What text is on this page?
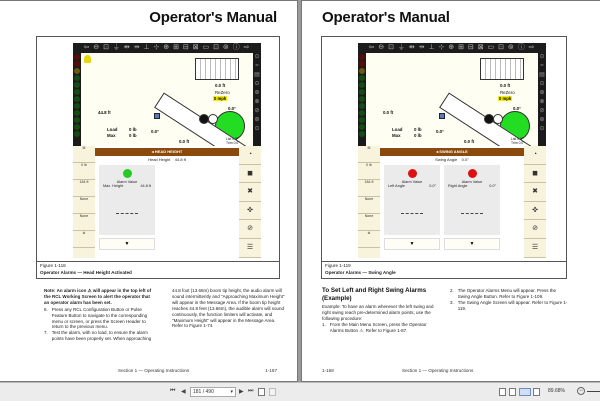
Operator's Manual
⇦ ⊖ ⊡ ⏚ ⇹ ⇸ ⊥ ⊹ ⊕ ⊞ ⊟ ⊠ ▭ ⊡ ⊚ ⓘ ⇨
⊙
≈
▤
⊙
⊛
⊗
⊘
⊛
⊙
0.0 ft
ReZero
0 mph
0.0°
44.8 ft
Load	0 lb
Max	0 lb
0.0°
0.0 ft	List 0.0°
Trim 0.0°
⊞
0 lb
184 ft
None
None
⊛
◂ HEAD HEIGHT
Head Height 44.8 ft
Alarm Value
Max. Height	44.8 ft
▼
◔
◼
✖
✜
⊘
☰
Figure 1-118
Operator Alarms — Head Height Activated
Note: An alarm icon ⚠ will appear in the top left of the RCL Working Screen to alert the operator that an operator alarm has been set.
6. Press any RCL Configuration Button or Pulse Feature Button to navigate to the corresponding menu or screen, or press the Screen Header to return to the previous menu.
7. Test the alarm, with no load, to ensure the alarm points have been properly set. When approaching
44.8 foot (13.66m) boom tip height, the audio alarm will sound intermittently and "Approaching Maximum Height" will appear in the Message Area. If the boom tip height reaches 44.8 feet (13.66m), the audible alarm will sound continuously, the function limiters will activate, and "Maximum Height" will appear in the Message Area. Refer to Figure 1-74.
Section 1 — Operating Instructions	1-167
Operator's Manual
⇦ ⊖ ⊡ ⏚ ⇹ ⇸ ⊥ ⊹ ⊕ ⊞ ⊟ ⊠ ▭ ⊡ ⊚ ⓘ ⇨
⊙
≈
▤
⊙
⊛
⊗
⊘
⊛
⊙
0.0 ft
ReZero
0 mph
0.0°
0.0 ft
Load	0 lb
Max	0 lb
0.0°
0.0 ft	List 0.0°
Trim 0.0°
⊞
0 lb
184 ft
None
None
⊛
◂ SWING ANGLE
Swing Angle 0.0°
Alarm Value
Left Angle	0.0°
Alarm Value
Right Angle	0.0°
▼	▼
◔
◼
✖
✜
⊘
☰
Figure 1-119
Operator Alarms — Swing Angle
To Set Left and Right Swing Alarms (Example)
Example: To have an alarm whenever the left swing and right swing reach pre-determined alarm points, use the following procedure:
1. From the Main Menu Screen, press the Operator Alarms Button ⚠. Refer to Figure 1-87.
2. The Operator Alarms Menu will appear. Press the Swing Angle Button. Refer to Figure 1-109.
3. The Swing Angle Screen will appear. Refer to Figure 1-119.
1-168	Section 1 — Operating Instructions
⏮ ◀	181 / 490	▾ ▶ ⏭	89.68%	−
